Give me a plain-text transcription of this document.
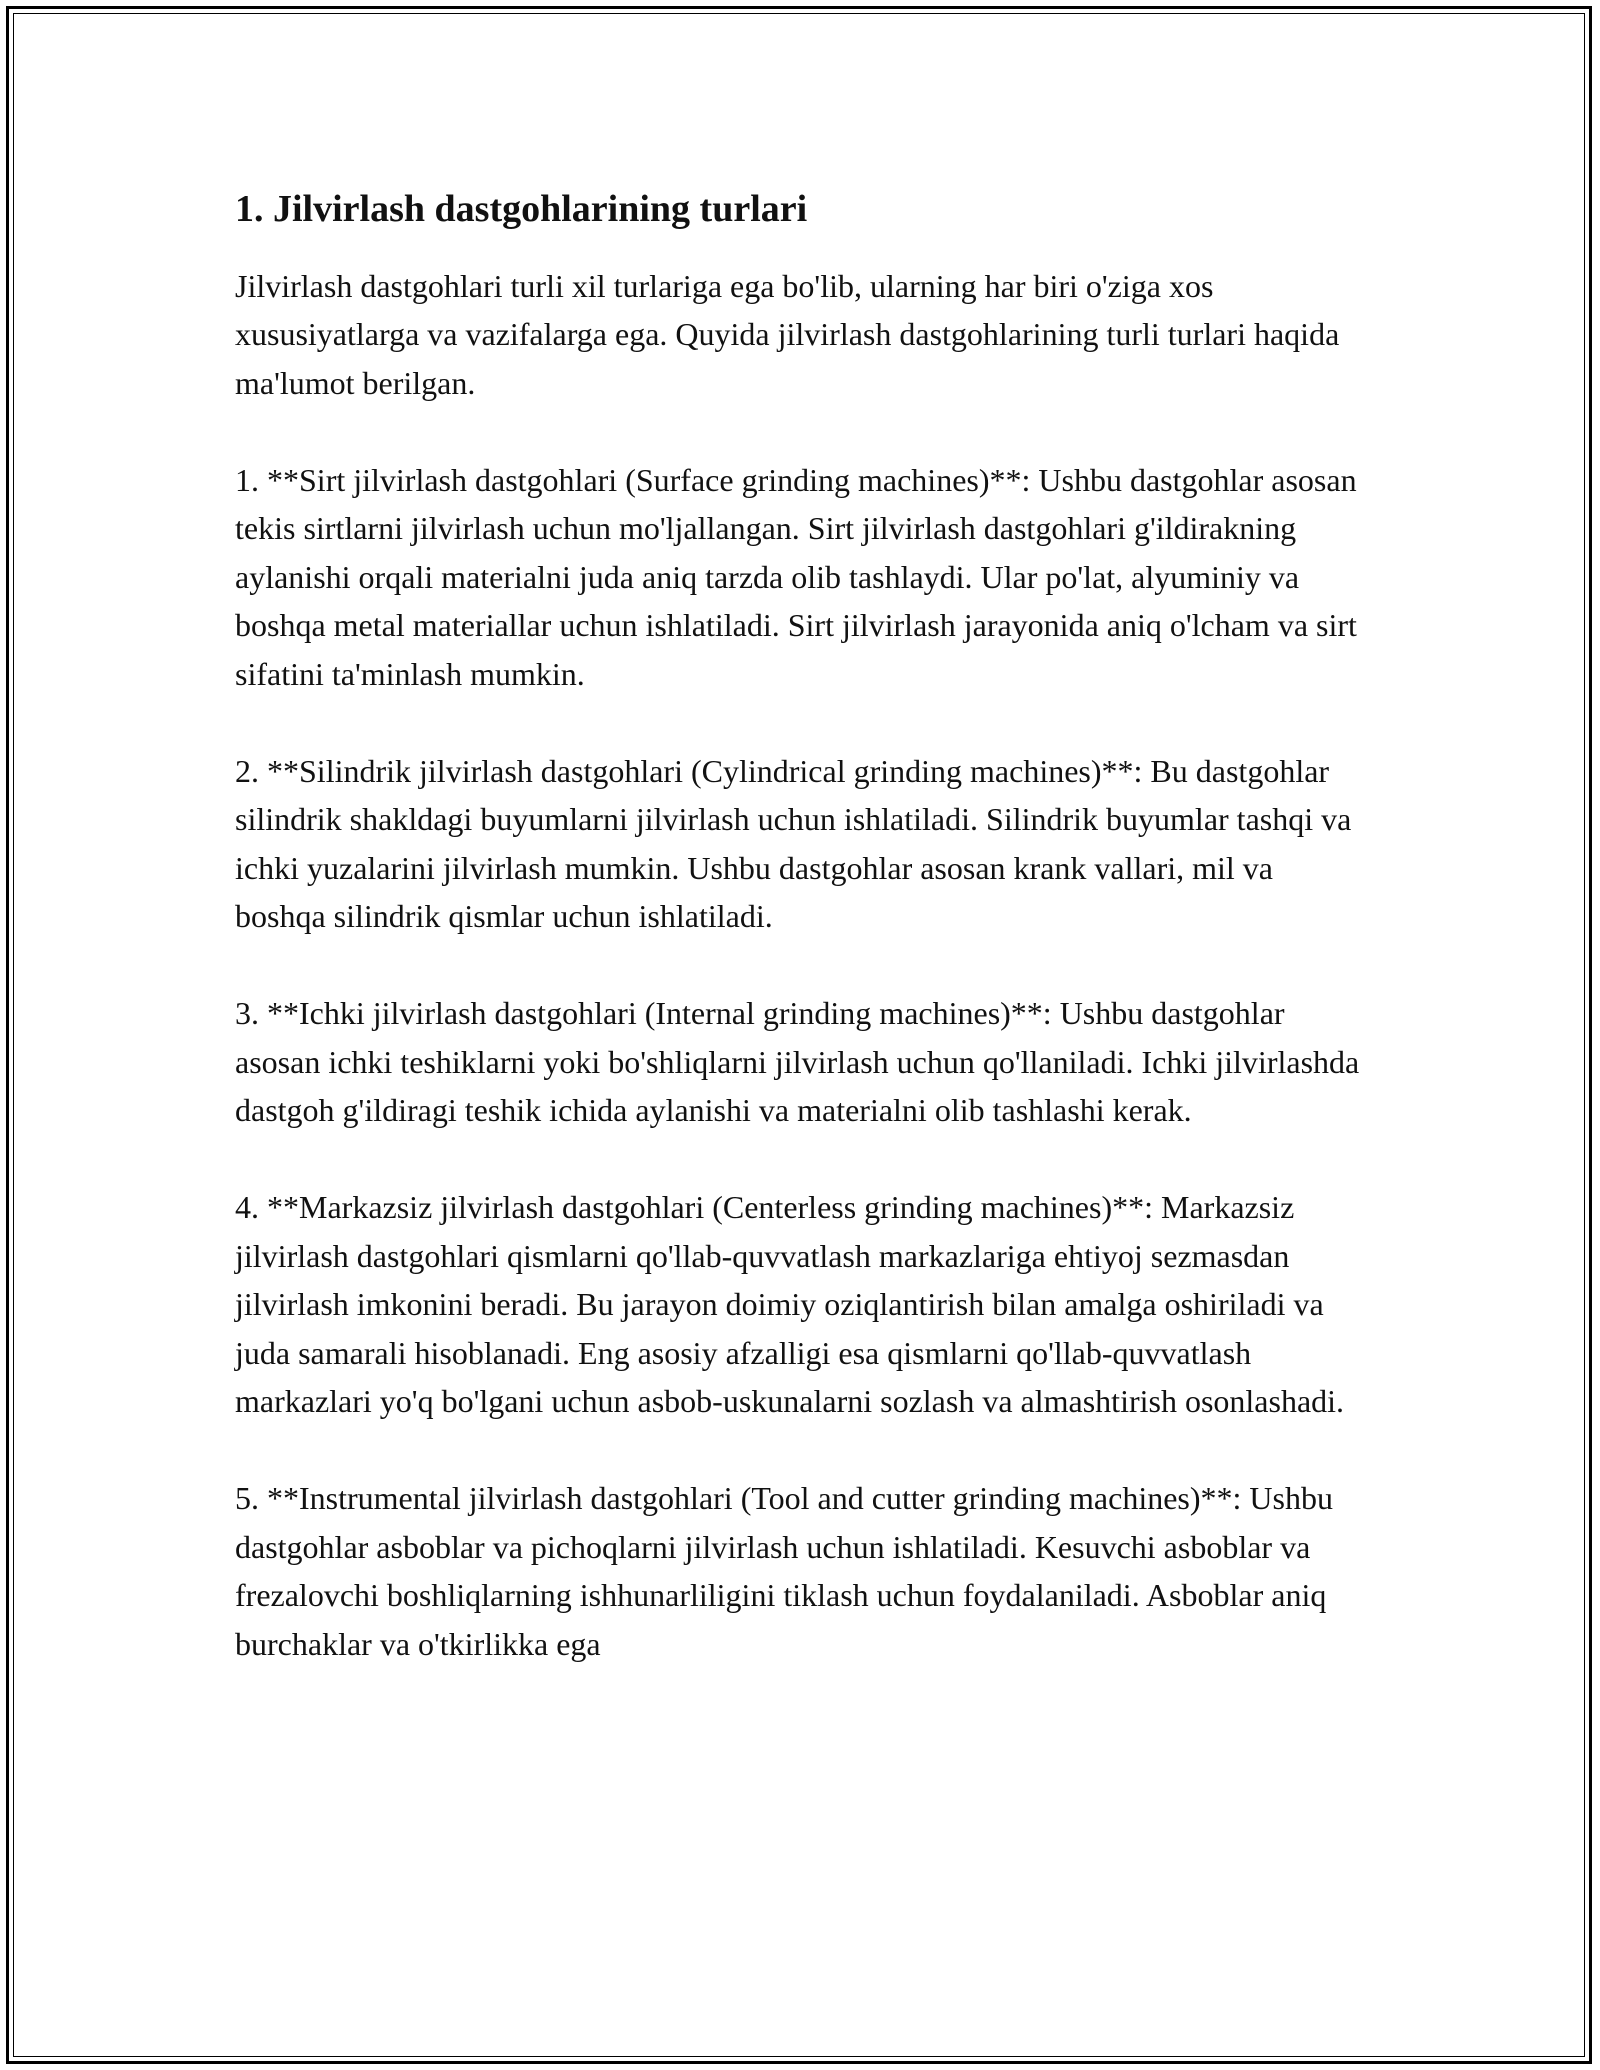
1. Jilvirlash dastgohlarining turlari

Jilvirlash dastgohlari turli xil turlariga ega bo'lib, ularning har biri o'ziga xos xususiyatlarga va vazifalarga ega. Quyida jilvirlash dastgohlarining turli turlari haqida ma'lumot berilgan.

1. **Sirt jilvirlash dastgohlari (Surface grinding machines)**: Ushbu dastgohlar asosan tekis sirtlarni jilvirlash uchun mo'ljallangan. Sirt jilvirlash dastgohlari g'ildirakning aylanishi orqali materialni juda aniq tarzda olib tashlaydi. Ular po'lat, alyuminiy va boshqa metal materiallar uchun ishlatiladi. Sirt jilvirlash jarayonida aniq o'lcham va sirt sifatini ta'minlash mumkin.

2. **Silindrik jilvirlash dastgohlari (Cylindrical grinding machines)**: Bu dastgohlar silindrik shakldagi buyumlarni jilvirlash uchun ishlatiladi. Silindrik buyumlar tashqi va ichki yuzalarini jilvirlash mumkin. Ushbu dastgohlar asosan krank vallari, mil va boshqa silindrik qismlar uchun ishlatiladi.

3. **Ichki jilvirlash dastgohlari (Internal grinding machines)**: Ushbu dastgohlar asosan ichki teshiklarni yoki bo'shliqlarni jilvirlash uchun qo'llaniladi. Ichki jilvirlashda dastgoh g'ildiragi teshik ichida aylanishi va materialni olib tashlashi kerak.

4. **Markazsiz jilvirlash dastgohlari (Centerless grinding machines)**: Markazsiz jilvirlash dastgohlari qismlarni qo'llab-quvvatlash markazlariga ehtiyoj sezmasdan jilvirlash imkonini beradi. Bu jarayon doimiy oziqlantirish bilan amalga oshiriladi va juda samarali hisoblanadi. Eng asosiy afzalligi esa qismlarni qo'llab-quvvatlash markazlari yo'q bo'lgani uchun asbob-uskunalarni sozlash va almashtirish osonlashadi.

5. **Instrumental jilvirlash dastgohlari (Tool and cutter grinding machines)**: Ushbu dastgohlar asboblar va pichoqlarni jilvirlash uchun ishlatiladi. Kesuvchi asboblar va frezalovchi boshliqlarning ishhunarliligini tiklash uchun foydalaniladi. Asboblar aniq burchaklar va o'tkirlikka ega
